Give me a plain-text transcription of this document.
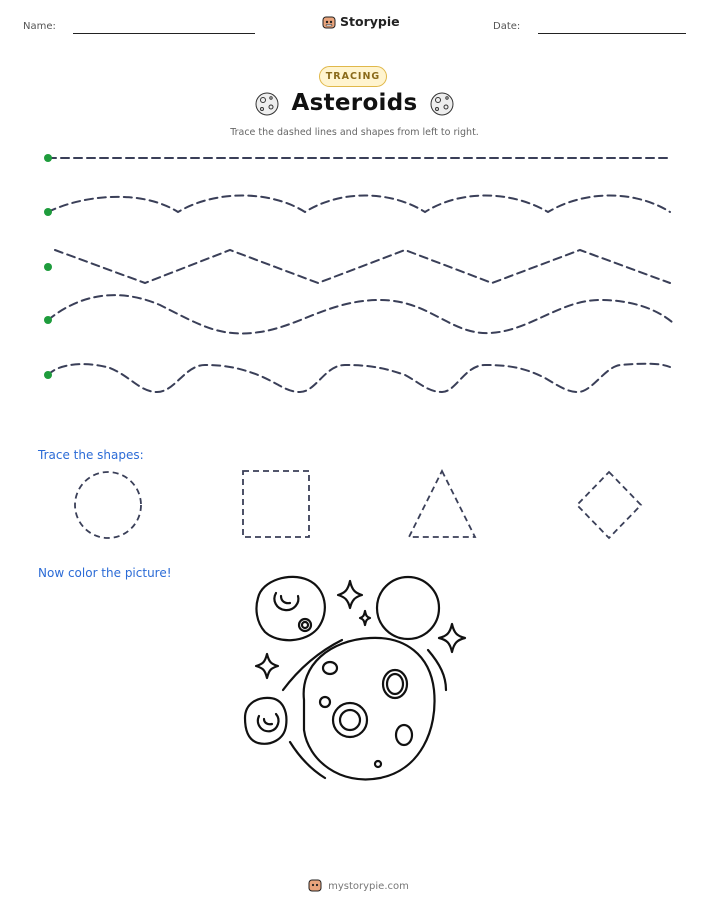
Name:	Storypie	Date:
TRACING
Asteroids
Trace the dashed lines and shapes from left to right.
Trace the shapes:
Now color the picture!
mystorypie.com
